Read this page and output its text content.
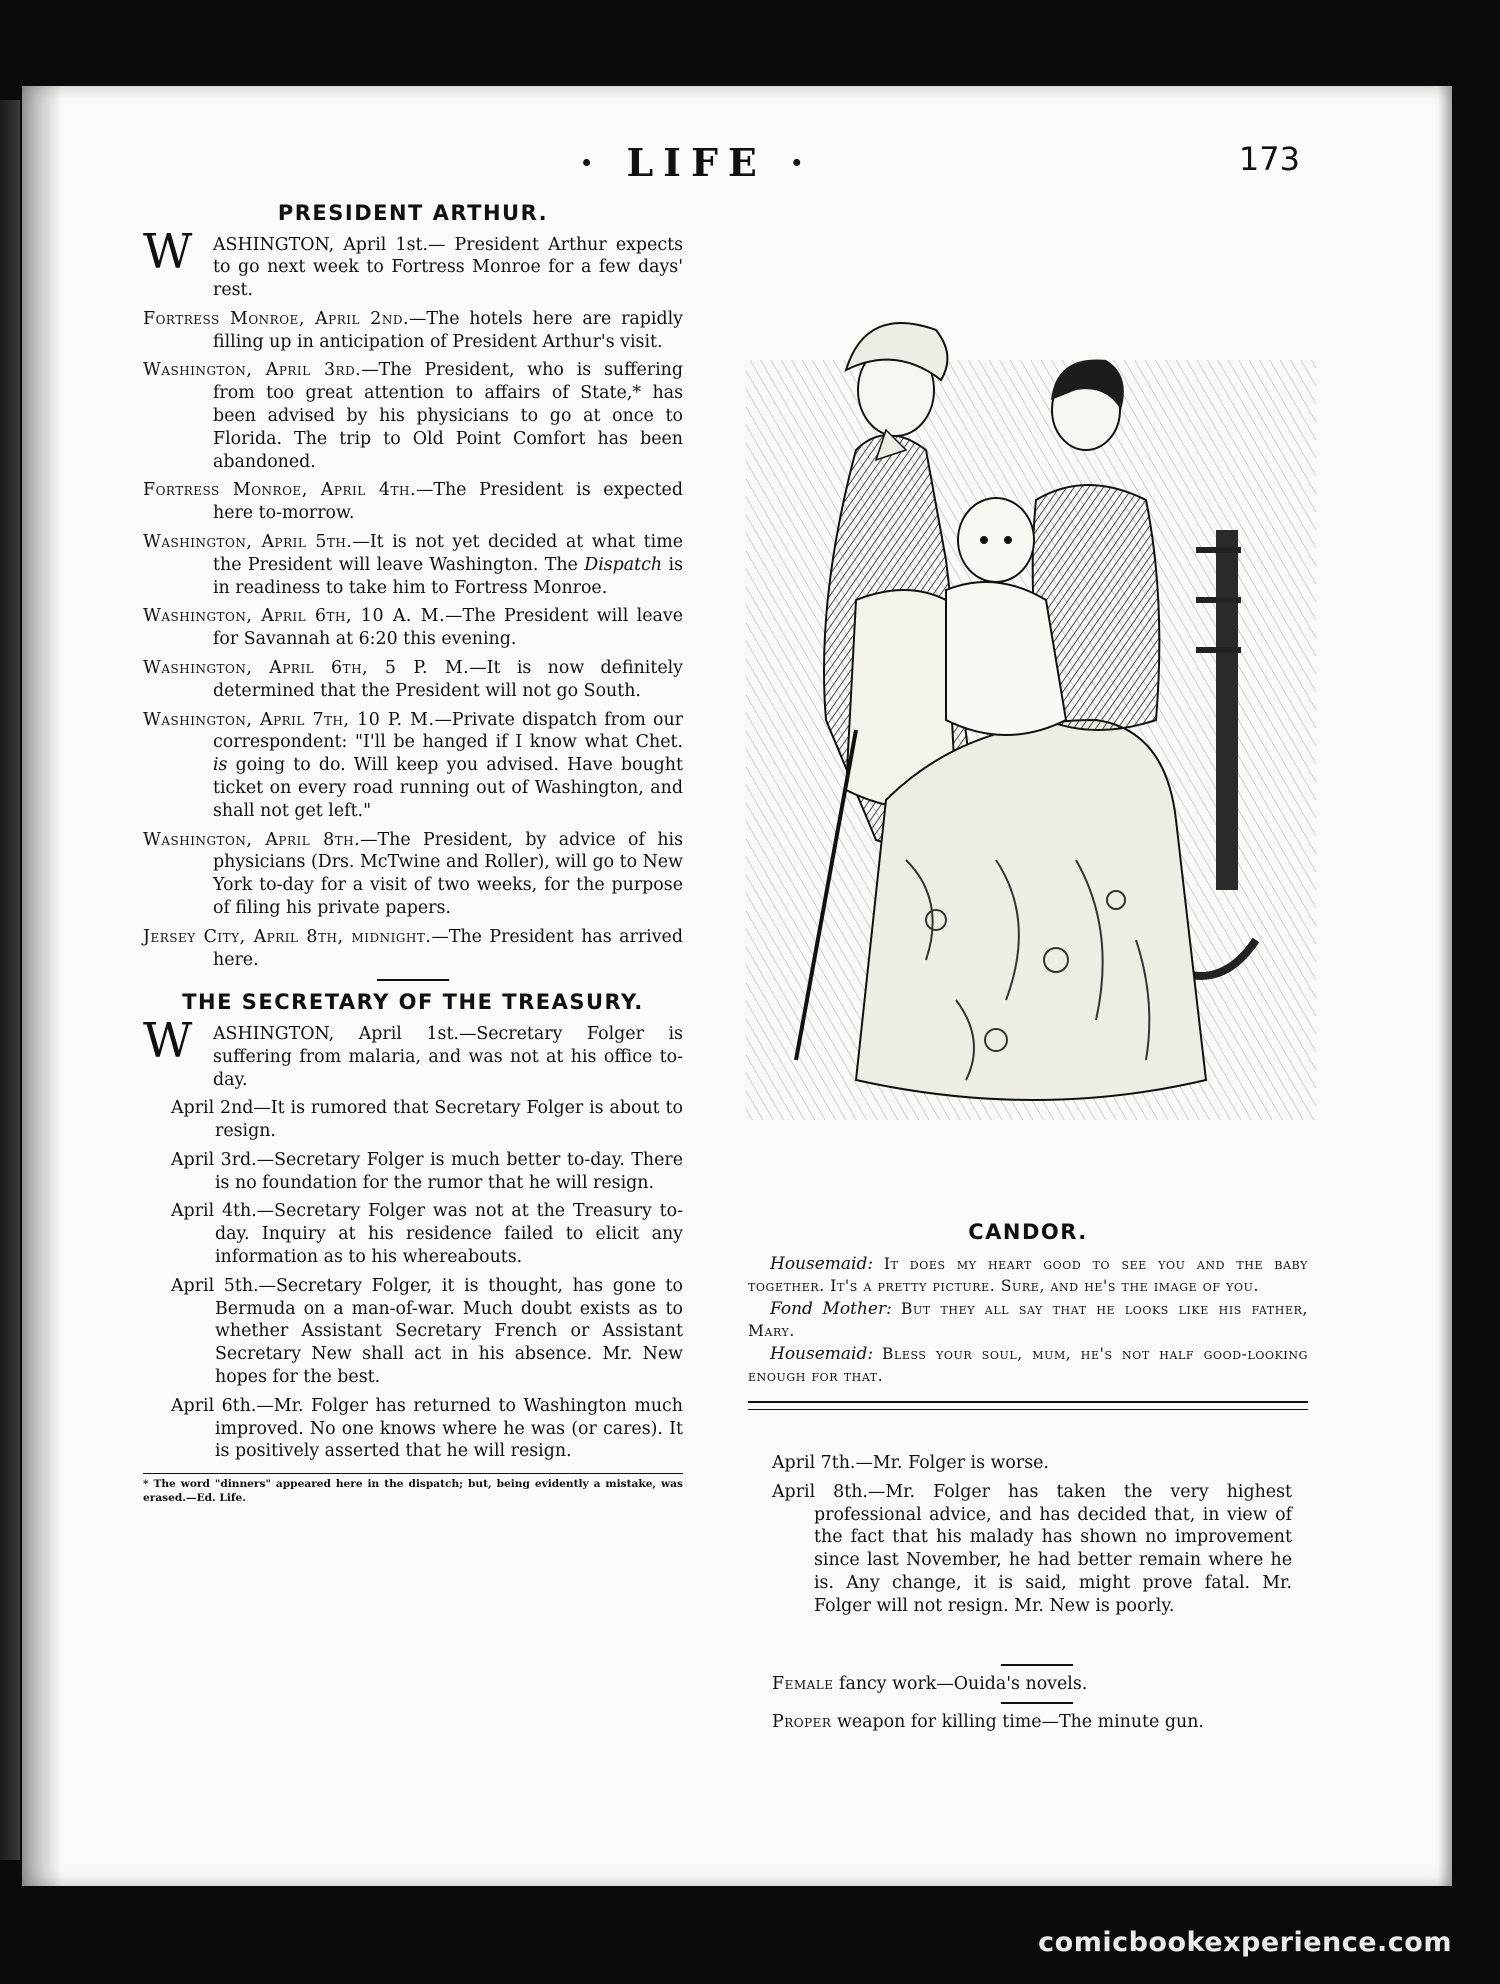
· LIFE ·	173
PRESIDENT ARTHUR.
W ASHINGTON, April 1st.— President Arthur expects to go next week to Fortress Monroe for a few days' rest.

Fortress Monroe, April 2nd.—The hotels here are rapidly filling up in anticipation of President Arthur's visit.

Washington, April 3rd.—The President, who is suffering from too great attention to affairs of State,* has been advised by his physicians to go at once to Florida. The trip to Old Point Comfort has been abandoned.

Fortress Monroe, April 4th.—The President is expected here to-morrow.

Washington, April 5th.—It is not yet decided at what time the President will leave Washington. The Dispatch is in readiness to take him to Fortress Monroe.

Washington, April 6th, 10 A. M.—The President will leave for Savannah at 6:20 this evening.

Washington, April 6th, 5 P. M.—It is now definitely determined that the President will not go South.

Washington, April 7th, 10 P. M.—Private dispatch from our correspondent: "I'll be hanged if I know what Chet. is going to do. Will keep you advised. Have bought ticket on every road running out of Washington, and shall not get left."

Washington, April 8th.—The President, by advice of his physicians (Drs. McTwine and Roller), will go to New York to-day for a visit of two weeks, for the purpose of filing his private papers.

Jersey City, April 8th, midnight.—The President has arrived here.

THE SECRETARY OF THE TREASURY.
W ASHINGTON, April 1st.—Secretary Folger is suffering from malaria, and was not at his office to-day.

April 2nd—It is rumored that Secretary Folger is about to resign.

April 3rd.—Secretary Folger is much better to-day. There is no foundation for the rumor that he will resign.

April 4th.—Secretary Folger was not at the Treasury to-day. Inquiry at his residence failed to elicit any information as to his whereabouts.

April 5th.—Secretary Folger, it is thought, has gone to Bermuda on a man-of-war. Much doubt exists as to whether Assistant Secretary French or Assistant Secretary New shall act in his absence. Mr. New hopes for the best.

April 6th.—Mr. Folger has returned to Washington much improved. No one knows where he was (or cares). It is positively asserted that he will resign.

* The word "dinners" appeared here in the dispatch; but, being evidently a mistake, was erased.—Ed. Life.
CANDOR.

Housemaid: It does my heart good to see you and the baby together. It's a pretty picture. Sure, and he's the image of you.

Fond Mother: But they all say that he looks like his father, Mary.

Housemaid: Bless your soul, mum, he's not half good-looking enough for that.

April 7th.—Mr. Folger is worse.

April 8th.—Mr. Folger has taken the very highest professional advice, and has decided that, in view of the fact that his malady has shown no improvement since last November, he had better remain where he is. Any change, it is said, might prove fatal. Mr. Folger will not resign. Mr. New is poorly.

Female fancy work—Ouida's novels.

Proper weapon for killing time—The minute gun.

comicbookexperience.com
